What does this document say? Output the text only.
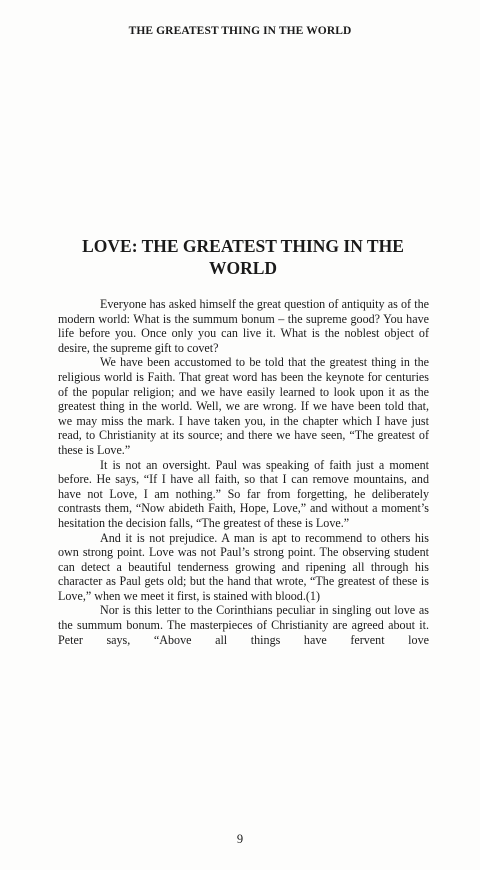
THE GREATEST THING IN THE WORLD
LOVE: THE GREATEST THING IN THE WORLD

Everyone has asked himself the great question of antiquity as of the modern world: What is the summum bonum – the supreme good? You have life before you. Once only you can live it. What is the noblest object of desire, the supreme gift to covet?

We have been accustomed to be told that the greatest thing in the religious world is Faith. That great word has been the keynote for centuries of the popular religion; and we have easily learned to look upon it as the greatest thing in the world. Well, we are wrong. If we have been told that, we may miss the mark. I have taken you, in the chapter which I have just read, to Christianity at its source; and there we have seen, “The greatest of these is Love.”

It is not an oversight. Paul was speaking of faith just a moment before. He says, “If I have all faith, so that I can remove mountains, and have not Love, I am nothing.” So far from forgetting, he deliberately contrasts them, “Now abideth Faith, Hope, Love,” and without a moment’s hesitation the decision falls, “The greatest of these is Love.”

And it is not prejudice. A man is apt to recommend to others his own strong point. Love was not Paul’s strong point. The observing student can detect a beautiful tenderness growing and ripening all through his character as Paul gets old; but the hand that wrote, “The greatest of these is Love,” when we meet it first, is stained with blood.(1)

Nor is this letter to the Corinthians peculiar in singling out love as the summum bonum. The masterpieces of Christianity are agreed about it. Peter says, “Above all things have fervent love

9
